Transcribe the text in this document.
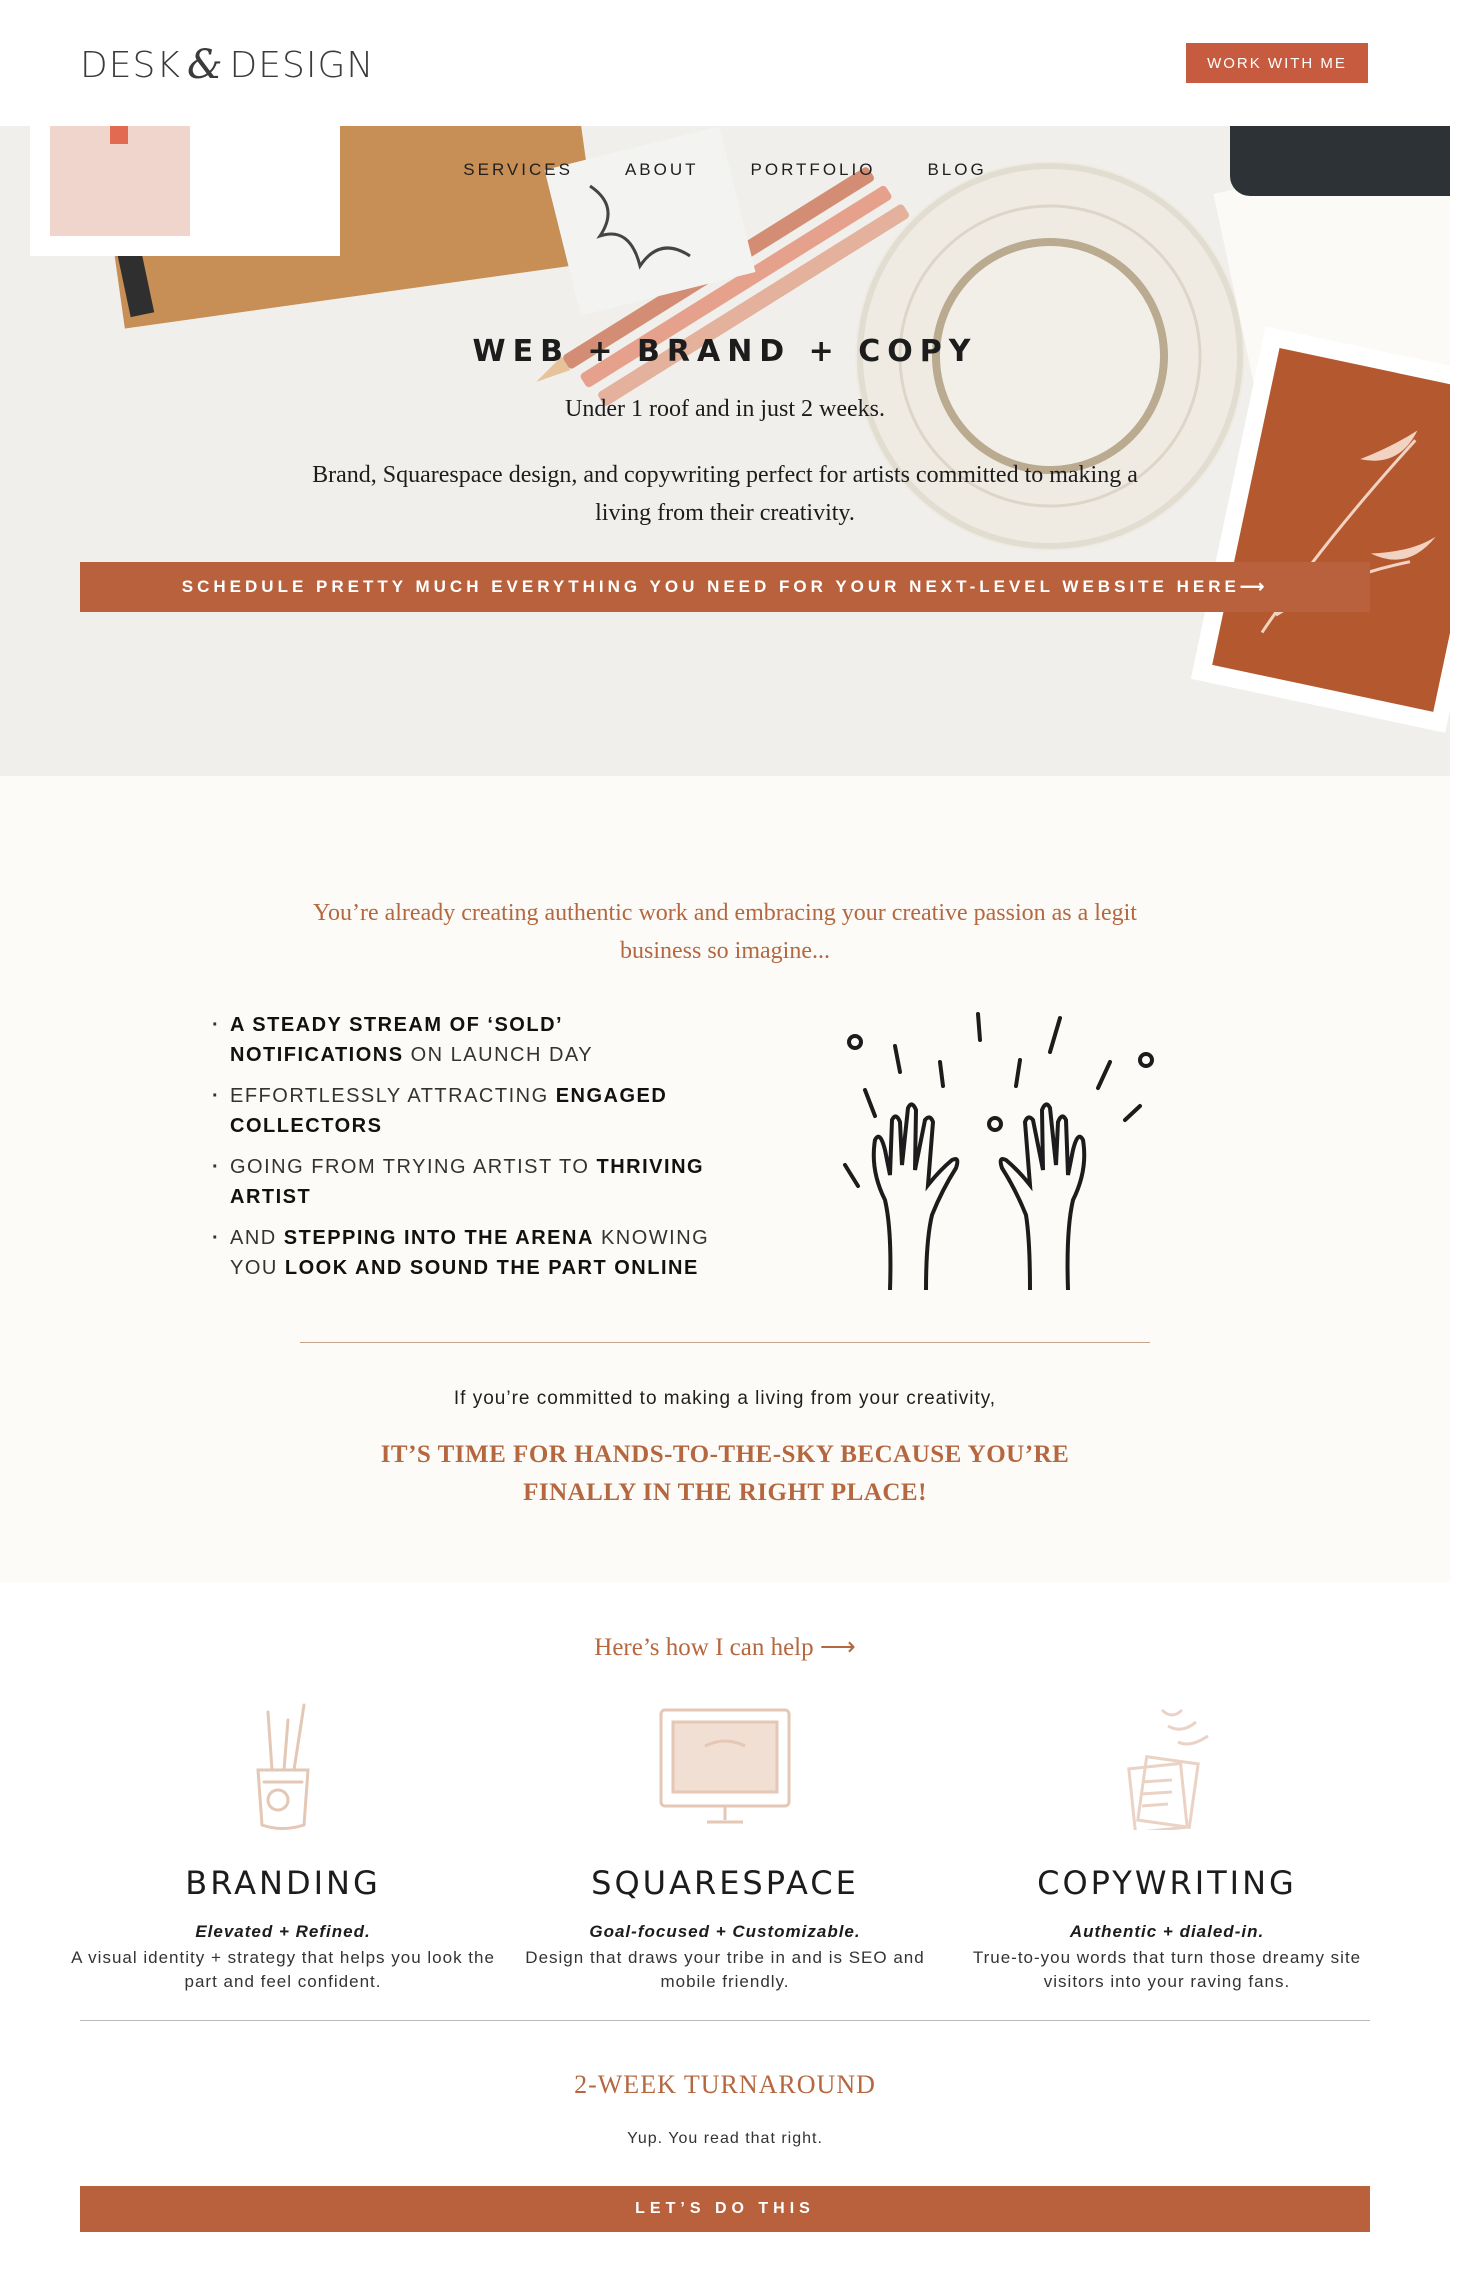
DESK & DESIGN	WORK WITH ME
SERVICES	ABOUT	PORTFOLIO	BLOG
WEB + BRAND + COPY
Under 1 roof and in just 2 weeks.
Brand, Squarespace design, and copywriting perfect for artists committed to making a living from their creativity.
SCHEDULE PRETTY MUCH EVERYTHING YOU NEED FOR YOUR NEXT-LEVEL WEBSITE HERE⟶
You’re already creating authentic work and embracing your creative passion as a legit business so imagine...
· A STEADY STREAM OF ‘SOLD’ NOTIFICATIONS ON LAUNCH DAY
· EFFORTLESSLY ATTRACTING ENGAGED COLLECTORS
· GOING FROM TRYING ARTIST TO THRIVING ARTIST
· AND STEPPING INTO THE ARENA KNOWING YOU LOOK AND SOUND THE PART ONLINE
If you’re committed to making a living from your creativity,
IT’S TIME FOR HANDS-TO-THE-SKY BECAUSE YOU’RE FINALLY IN THE RIGHT PLACE!
Here’s how I can help ⟶
BRANDING
Elevated + Refined.

A visual identity + strategy that helps you look the part and feel confident.

SQUARESPACE
Goal-focused + Customizable.

Design that draws your tribe in and is SEO and mobile friendly.

COPYWRITING
Authentic + dialed-in.

True-to-you words that turn those dreamy site visitors into your raving fans.

2-WEEK TURNAROUND
Yup. You read that right.
LET’S DO THIS
